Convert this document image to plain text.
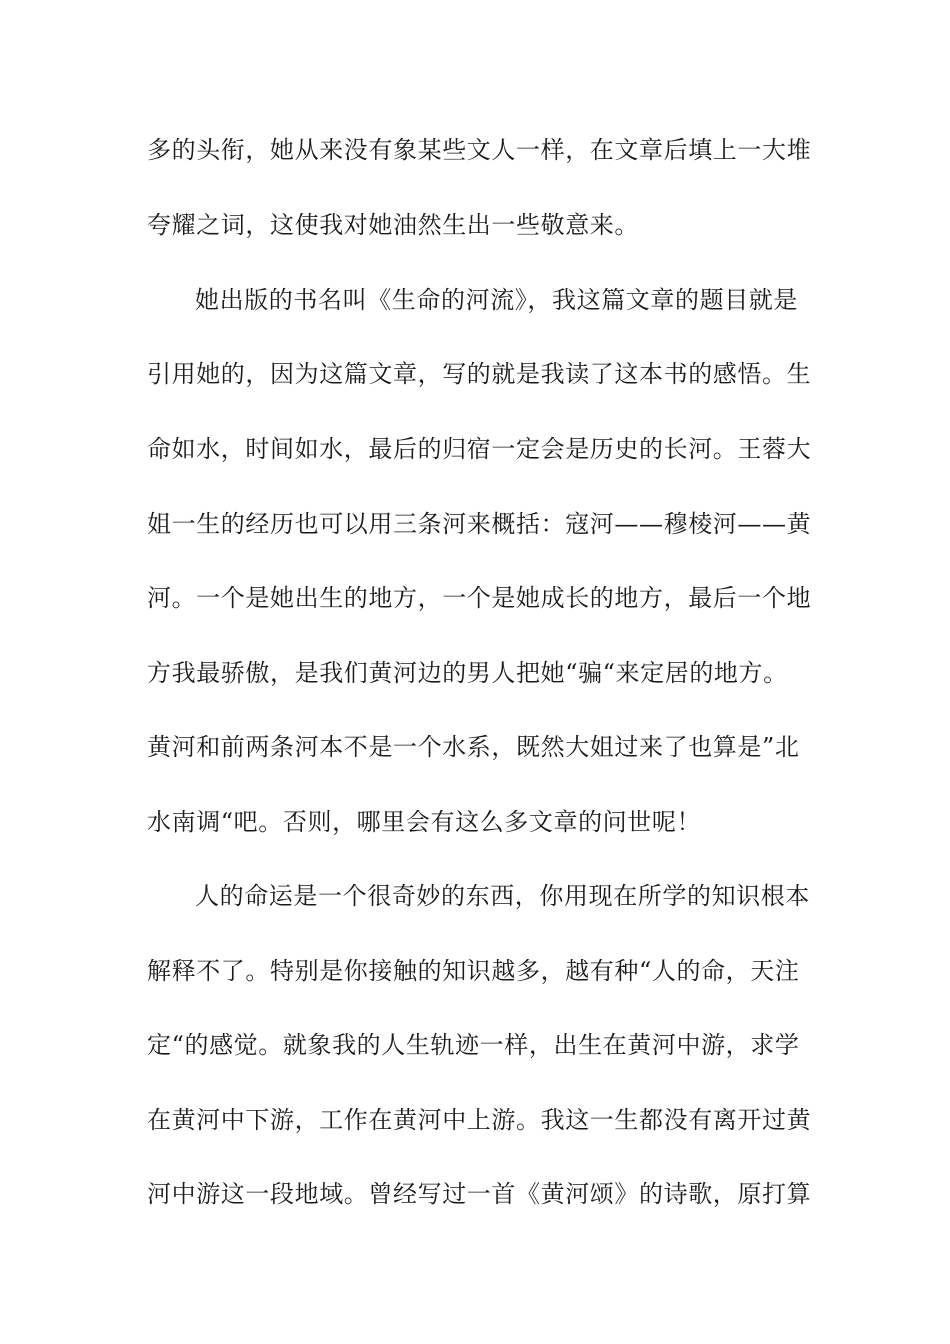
多的头衔，她从来没有象某些文人一样，在文章后填上一大堆
夸耀之词，这使我对她油然生出一些敬意来。
她出版的书名叫《生命的河流》，我这篇文章的题目就是
引用她的，因为这篇文章，写的就是我读了这本书的感悟。生
命如水，时间如水，最后的归宿一定会是历史的长河。王蓉大
姐一生的经历也可以用三条河来概括：寇河——穆棱河——黄
河。一个是她出生的地方，一个是她成长的地方，最后一个地
方我最骄傲，是我们黄河边的男人把她“骗“来定居的地方。
黄河和前两条河本不是一个水系，既然大姐过来了也算是”北
水南调“吧。否则，哪里会有这么多文章的问世呢！
人的命运是一个很奇妙的东西，你用现在所学的知识根本
解释不了。特别是你接触的知识越多，越有种“人的命，天注
定“的感觉。就象我的人生轨迹一样，出生在黄河中游，求学
在黄河中下游，工作在黄河中上游。我这一生都没有离开过黄
河中游这一段地域。曾经写过一首《黄河颂》的诗歌，原打算
